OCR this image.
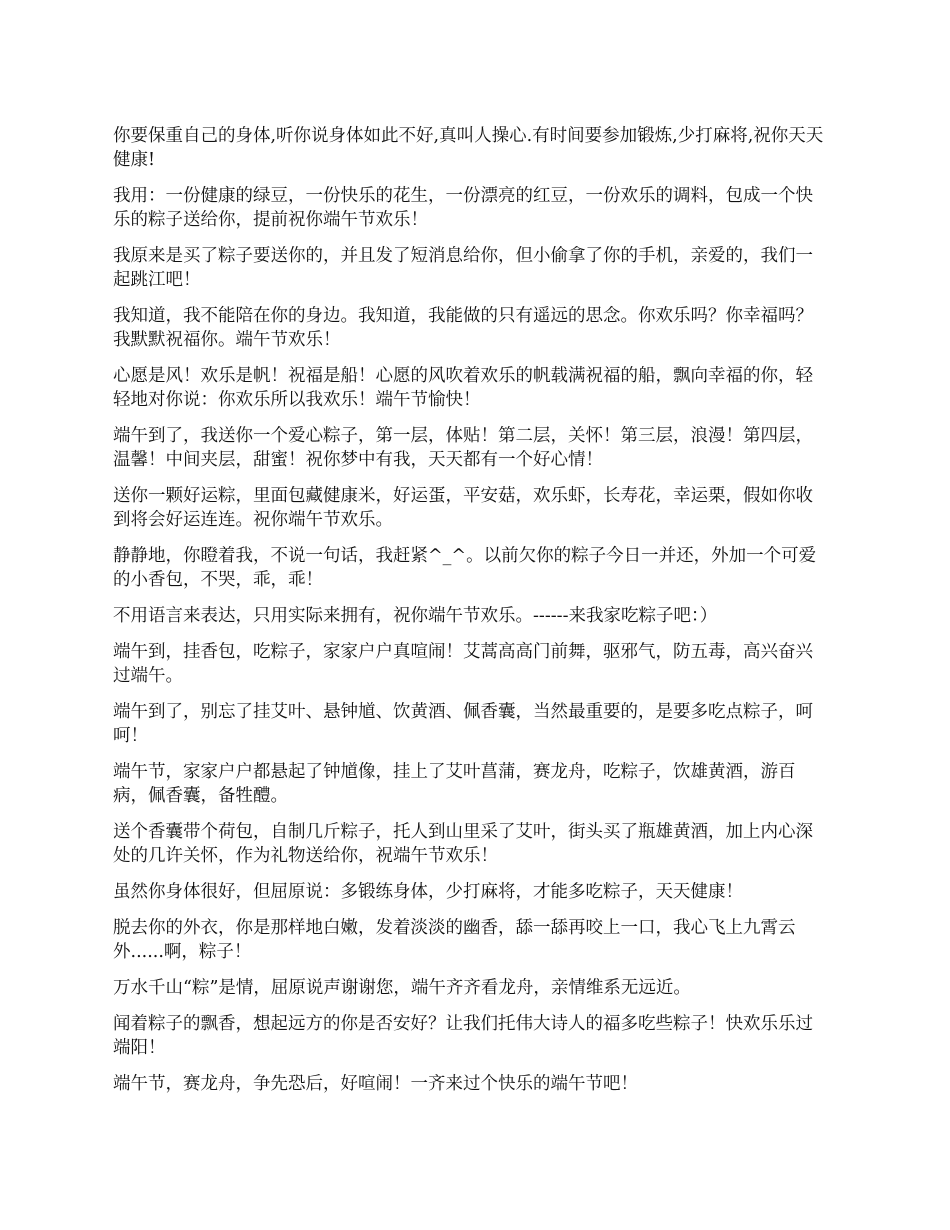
你要保重自己的身体,听你说身体如此不好,真叫人操心.有时间要参加锻炼,少打麻将,祝你天天健康!

我用：一份健康的绿豆，一份快乐的花生，一份漂亮的红豆，一份欢乐的调料，包成一个快乐的粽子送给你，提前祝你端午节欢乐！

我原来是买了粽子要送你的，并且发了短消息给你，但小偷拿了你的手机，亲爱的，我们一起跳江吧！

我知道，我不能陪在你的身边。我知道，我能做的只有遥远的思念。你欢乐吗？你幸福吗？我默默祝福你。端午节欢乐！

心愿是风！欢乐是帆！祝福是船！心愿的风吹着欢乐的帆载满祝福的船，飘向幸福的你，轻轻地对你说：你欢乐所以我欢乐！端午节愉快！

端午到了，我送你一个爱心粽子，第一层，体贴！第二层，关怀！第三层，浪漫！第四层，温馨！中间夹层，甜蜜！祝你梦中有我，天天都有一个好心情！

送你一颗好运粽，里面包藏健康米，好运蛋，平安菇，欢乐虾，长寿花，幸运栗，假如你收到将会好运连连。祝你端午节欢乐。

静静地，你瞪着我，不说一句话，我赶紧^_^。以前欠你的粽子今日一并还，外加一个可爱的小香包，不哭，乖，乖！

不用语言来表达，只用实际来拥有，祝你端午节欢乐。------来我家吃粽子吧：）

端午到，挂香包，吃粽子，家家户户真喧闹！艾蒿高高门前舞，驱邪气，防五毒，高兴奋兴过端午。

端午到了，别忘了挂艾叶、悬钟馗、饮黄酒、佩香囊，当然最重要的，是要多吃点粽子，呵呵！

端午节，家家户户都悬起了钟馗像，挂上了艾叶菖蒲，赛龙舟，吃粽子，饮雄黄酒，游百病，佩香囊，备牲醴。

送个香囊带个荷包，自制几斤粽子，托人到山里采了艾叶，街头买了瓶雄黄酒，加上内心深处的几许关怀，作为礼物送给你，祝端午节欢乐！

虽然你身体很好，但屈原说：多锻练身体，少打麻将，才能多吃粽子，天天健康！

脱去你的外衣，你是那样地白嫩，发着淡淡的幽香，舔一舔再咬上一口，我心飞上九霄云外......啊，粽子！

万水千山“粽”是情，屈原说声谢谢您，端午齐齐看龙舟，亲情维系无远近。

闻着粽子的飘香，想起远方的你是否安好？让我们托伟大诗人的福多吃些粽子！快欢乐乐过端阳！

端午节，赛龙舟，争先恐后，好喧闹！一齐来过个快乐的端午节吧！
